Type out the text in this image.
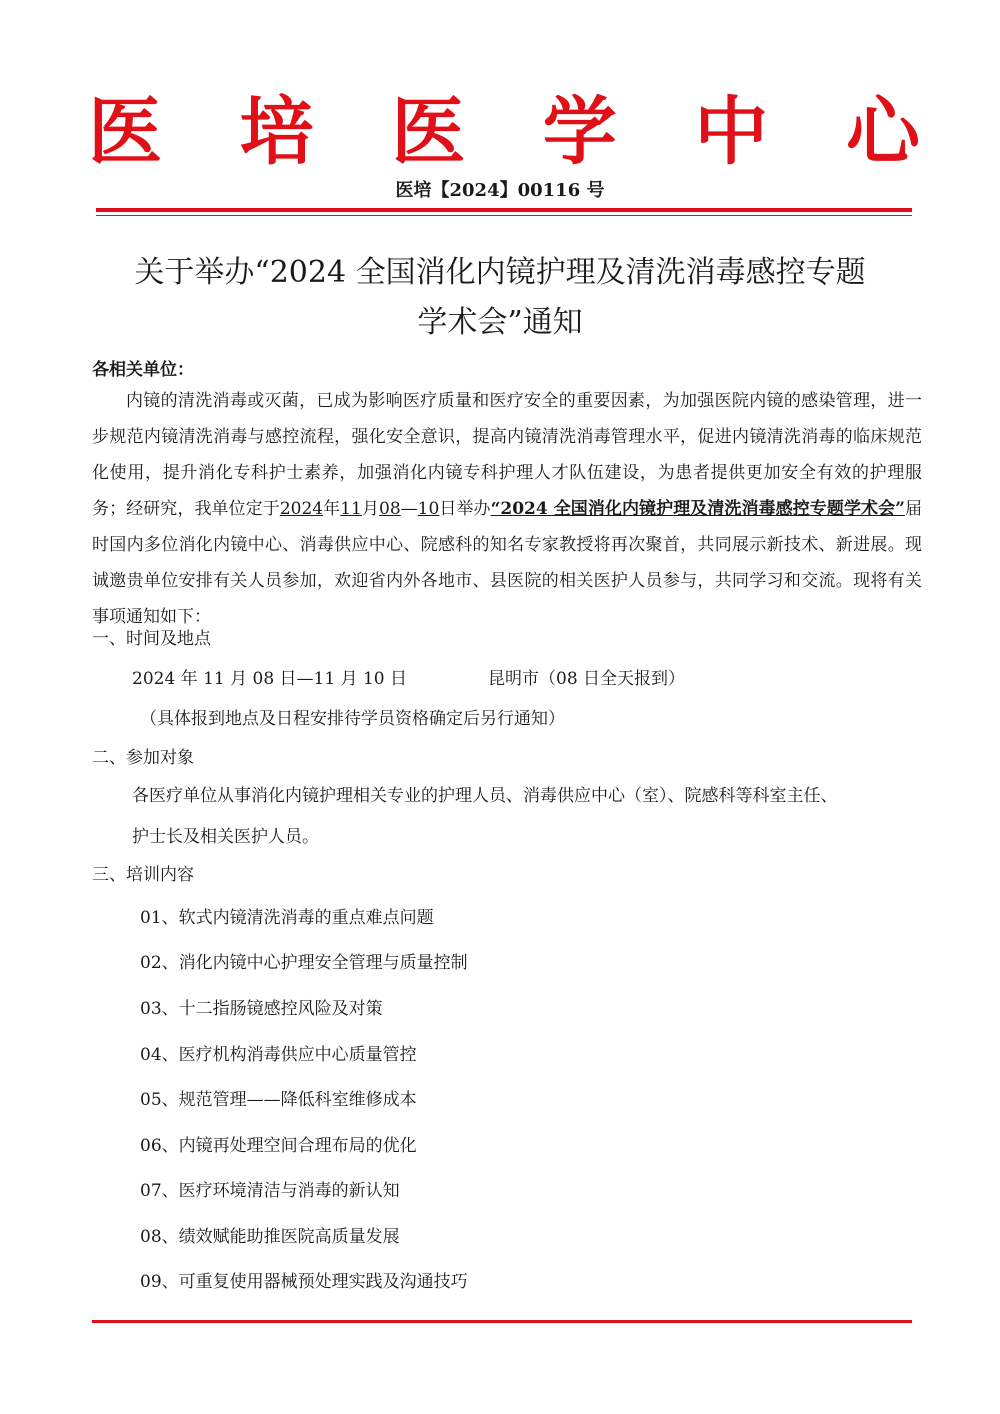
医 培 医 学 中 心
医培【2024】00116 号
关于举办“2024 全国消化内镜护理及清洗消毒感控专题
学术会”通知
各相关单位：
内镜的清洗消毒或灭菌，已成为影响医疗质量和医疗安全的重要因素，为加强医院内镜的感染管理，进一步规范内镜清洗消毒与感控流程，强化安全意识，提高内镜清洗消毒管理水平，促进内镜清洗消毒的临床规范化使用，提升消化专科护士素养，加强消化内镜专科护理人才队伍建设，为患者提供更加安全有效的护理服务；经研究，我单位定于2024年11月08—10日举办“2024 全国消化内镜护理及清洗消毒感控专题学术会”届时国内多位消化内镜中心、消毒供应中心、院感科的知名专家教授将再次聚首，共同展示新技术、新进展。现诚邀贵单位安排有关人员参加，欢迎省内外各地市、县医院的相关医护人员参与，共同学习和交流。现将有关事项通知如下：
一、时间及地点
2024 年 11 月 08 日—11 月 10 日	昆明市（08 日全天报到）
（具体报到地点及日程安排待学员资格确定后另行通知）
二、参加对象
各医疗单位从事消化内镜护理相关专业的护理人员、消毒供应中心（室）、院感科等科室主任、
护士长及相关医护人员。
三、培训内容
01、软式内镜清洗消毒的重点难点问题
02、消化内镜中心护理安全管理与质量控制
03、十二指肠镜感控风险及对策
04、医疗机构消毒供应中心质量管控
05、规范管理——降低科室维修成本
06、内镜再处理空间合理布局的优化
07、医疗环境清洁与消毒的新认知
08、绩效赋能助推医院高质量发展
09、可重复使用器械预处理实践及沟通技巧
